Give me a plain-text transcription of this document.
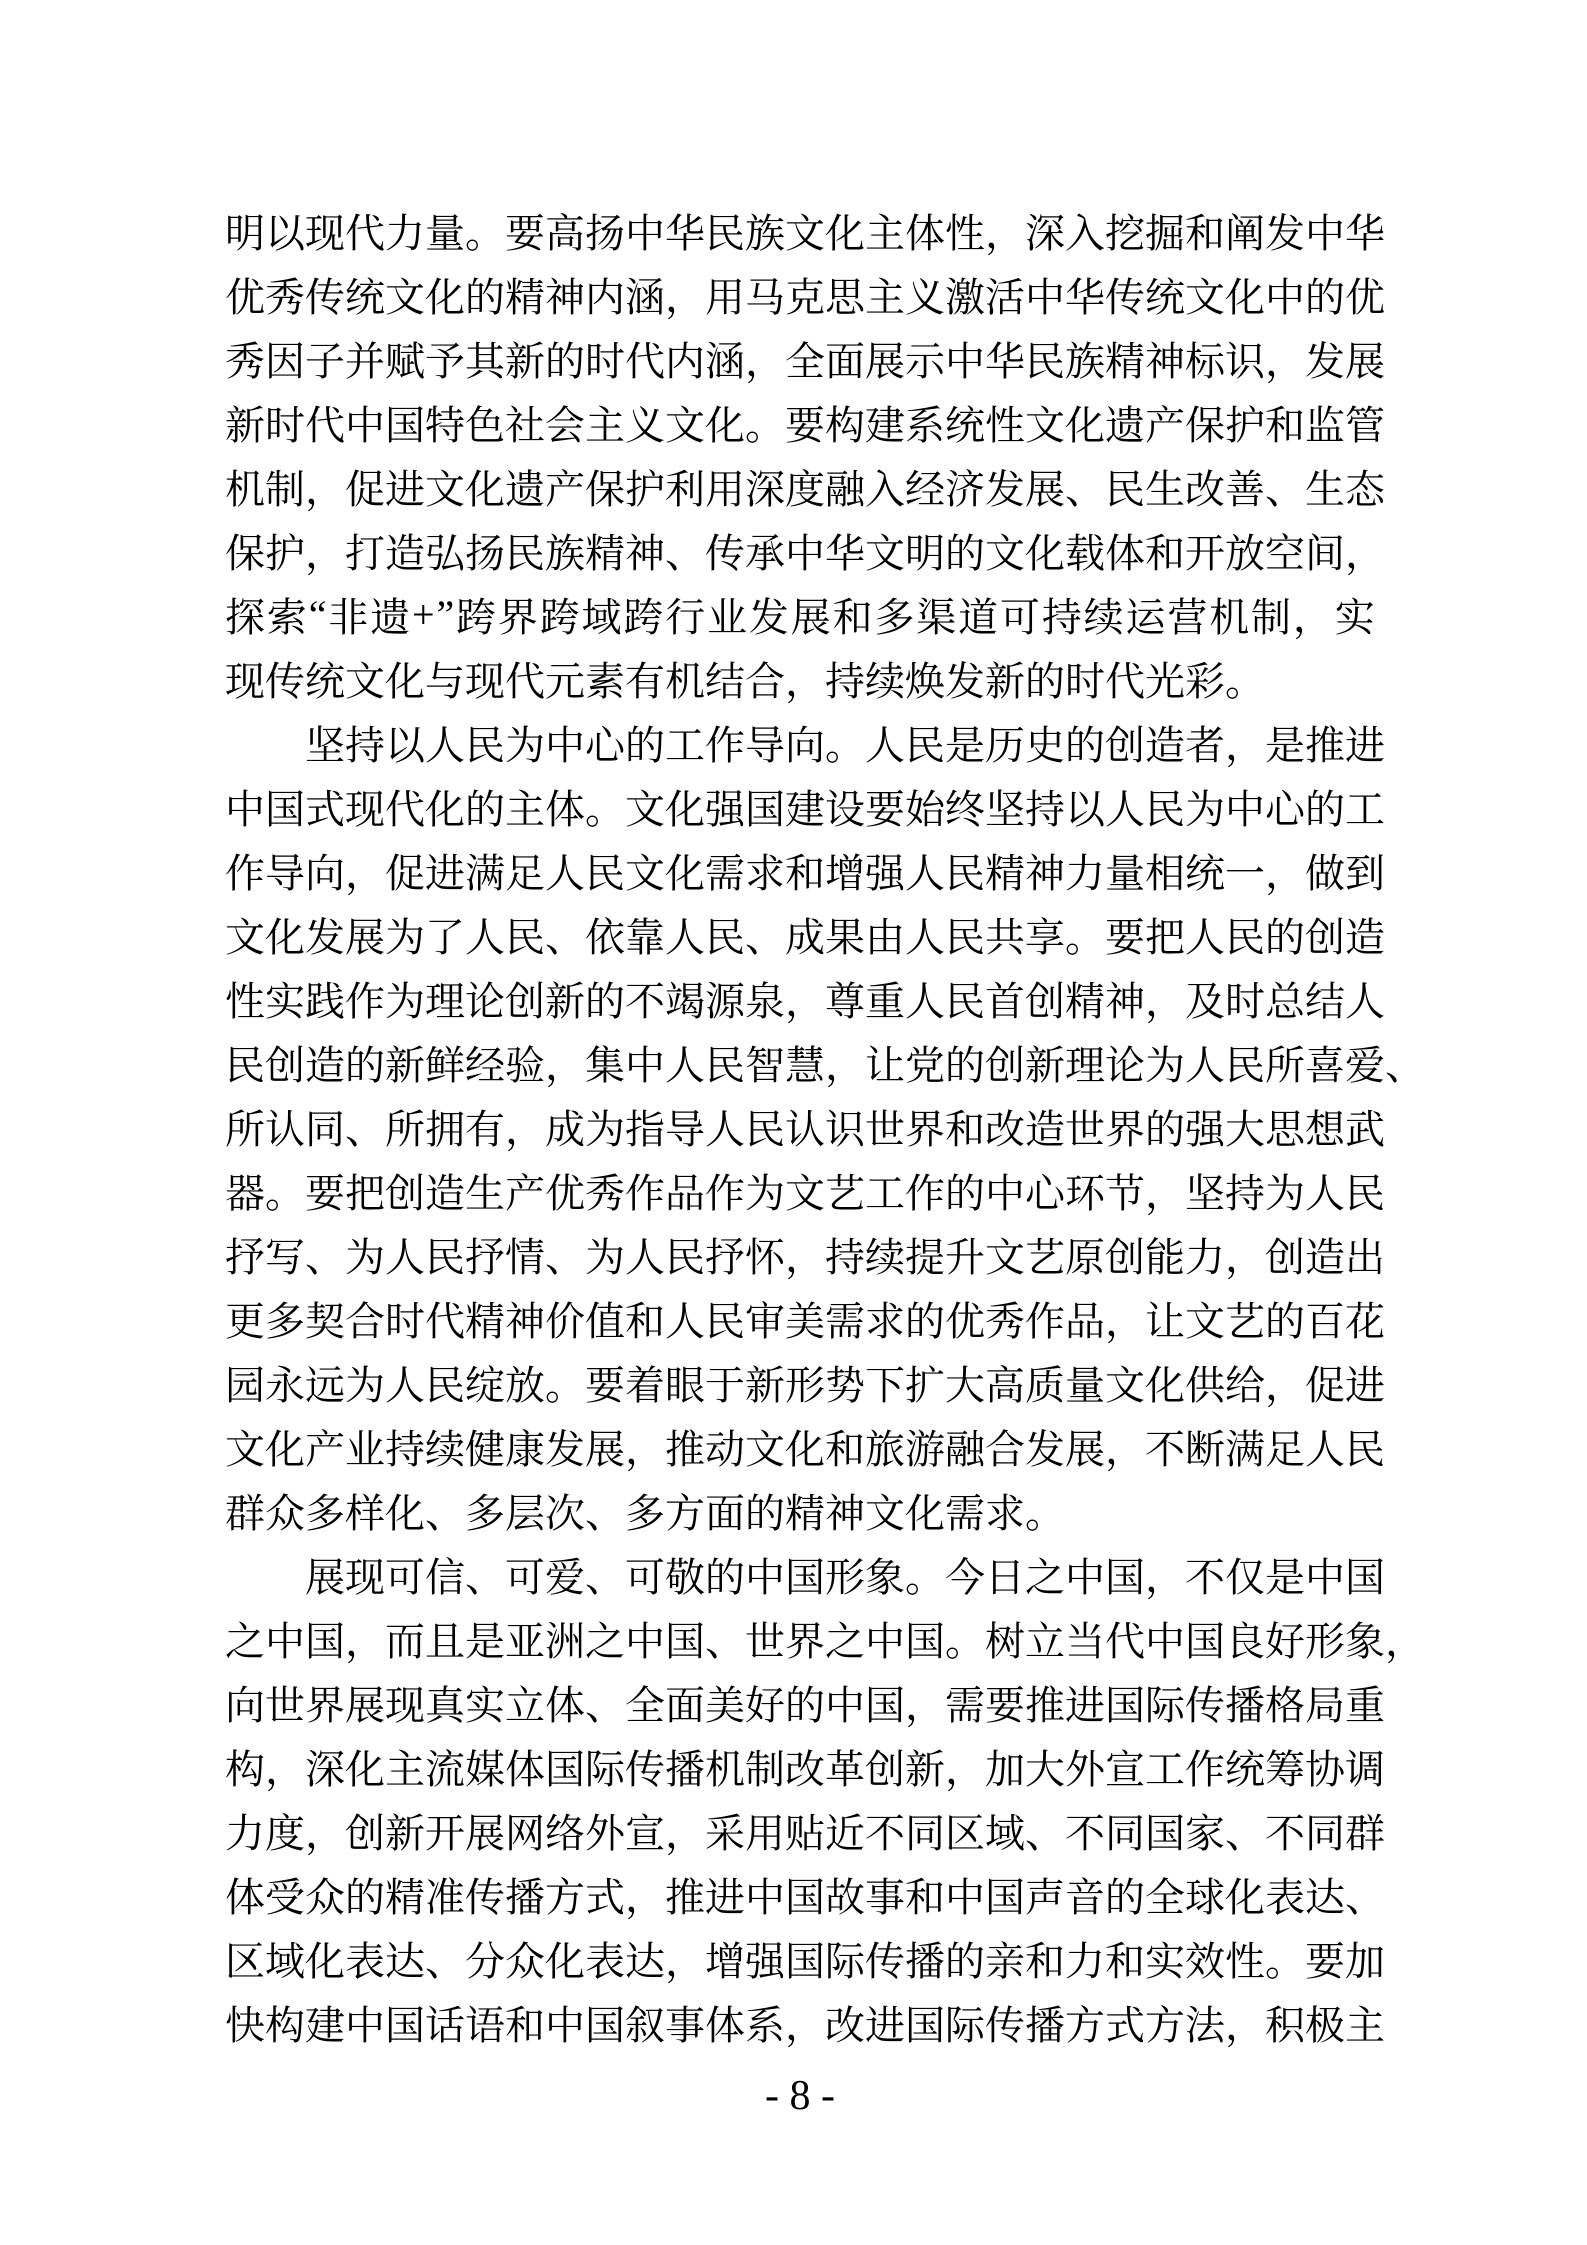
明 以 现 代 力 量 。 要 高 扬 中 华 民 族 文 化 主 体 性 ， 深 入 挖 掘 和 阐 发 中 华
优 秀 传 统 文 化 的 精 神 内 涵 ， 用 马 克 思 主 义 激 活 中 华 传 统 文 化 中 的 优
秀 因 子 并 赋 予 其 新 的 时 代 内 涵 ， 全 面 展 示 中 华 民 族 精 神 标 识 ， 发 展
新 时 代 中 国 特 色 社 会 主 义 文 化 。 要 构 建 系 统 性 文 化 遗 产 保 护 和 监 管
机 制 ， 促 进 文 化 遗 产 保 护 利 用 深 度 融 入 经 济 发 展 、 民 生 改 善 、 生 态
保 护 ， 打 造 弘 扬 民 族 精 神 、 传 承 中 华 文 明 的 文 化 载 体 和 开 放 空 间 ，
探 索 “ 非 遗 + ” 跨 界 跨 域 跨 行 业 发 展 和 多 渠 道 可 持 续 运 营 机 制 ， 实
现 传 统 文 化 与 现 代 元 素 有 机 结 合 ， 持 续 焕 发 新 的 时 代 光 彩 。
坚 持 以 人 民 为 中 心 的 工 作 导 向 。 人 民 是 历 史 的 创 造 者 ， 是 推 进
中 国 式 现 代 化 的 主 体 。 文 化 强 国 建 设 要 始 终 坚 持 以 人 民 为 中 心 的 工
作 导 向 ， 促 进 满 足 人 民 文 化 需 求 和 增 强 人 民 精 神 力 量 相 统 一 ， 做 到
文 化 发 展 为 了 人 民 、 依 靠 人 民 、 成 果 由 人 民 共 享 。 要 把 人 民 的 创 造
性 实 践 作 为 理 论 创 新 的 不 竭 源 泉 ， 尊 重 人 民 首 创 精 神 ， 及 时 总 结 人
民 创 造 的 新 鲜 经 验 ， 集 中 人 民 智 慧 ， 让 党 的 创 新 理 论 为 人 民 所 喜 爱 、
所 认 同 、 所 拥 有 ， 成 为 指 导 人 民 认 识 世 界 和 改 造 世 界 的 强 大 思 想 武
器 。 要 把 创 造 生 产 优 秀 作 品 作 为 文 艺 工 作 的 中 心 环 节 ， 坚 持 为 人 民
抒 写 、 为 人 民 抒 情 、 为 人 民 抒 怀 ， 持 续 提 升 文 艺 原 创 能 力 ， 创 造 出
更 多 契 合 时 代 精 神 价 值 和 人 民 审 美 需 求 的 优 秀 作 品 ， 让 文 艺 的 百 花
园 永 远 为 人 民 绽 放 。 要 着 眼 于 新 形 势 下 扩 大 高 质 量 文 化 供 给 ， 促 进
文 化 产 业 持 续 健 康 发 展 ， 推 动 文 化 和 旅 游 融 合 发 展 ， 不 断 满 足 人 民
群 众 多 样 化 、 多 层 次 、 多 方 面 的 精 神 文 化 需 求 。
展 现 可 信 、 可 爱 、 可 敬 的 中 国 形 象 。 今 日 之 中 国 ， 不 仅 是 中 国
之 中 国 ， 而 且 是 亚 洲 之 中 国 、 世 界 之 中 国 。 树 立 当 代 中 国 良 好 形 象 ，
向 世 界 展 现 真 实 立 体 、 全 面 美 好 的 中 国 ， 需 要 推 进 国 际 传 播 格 局 重
构 ， 深 化 主 流 媒 体 国 际 传 播 机 制 改 革 创 新 ， 加 大 外 宣 工 作 统 筹 协 调
力 度 ， 创 新 开 展 网 络 外 宣 ， 采 用 贴 近 不 同 区 域 、 不 同 国 家 、 不 同 群
体 受 众 的 精 准 传 播 方 式 ， 推 进 中 国 故 事 和 中 国 声 音 的 全 球 化 表 达 、
区 域 化 表 达 、 分 众 化 表 达 ， 增 强 国 际 传 播 的 亲 和 力 和 实 效 性 。 要 加
快 构 建 中 国 话 语 和 中 国 叙 事 体 系 ， 改 进 国 际 传 播 方 式 方 法 ， 积 极 主
- 8 -
